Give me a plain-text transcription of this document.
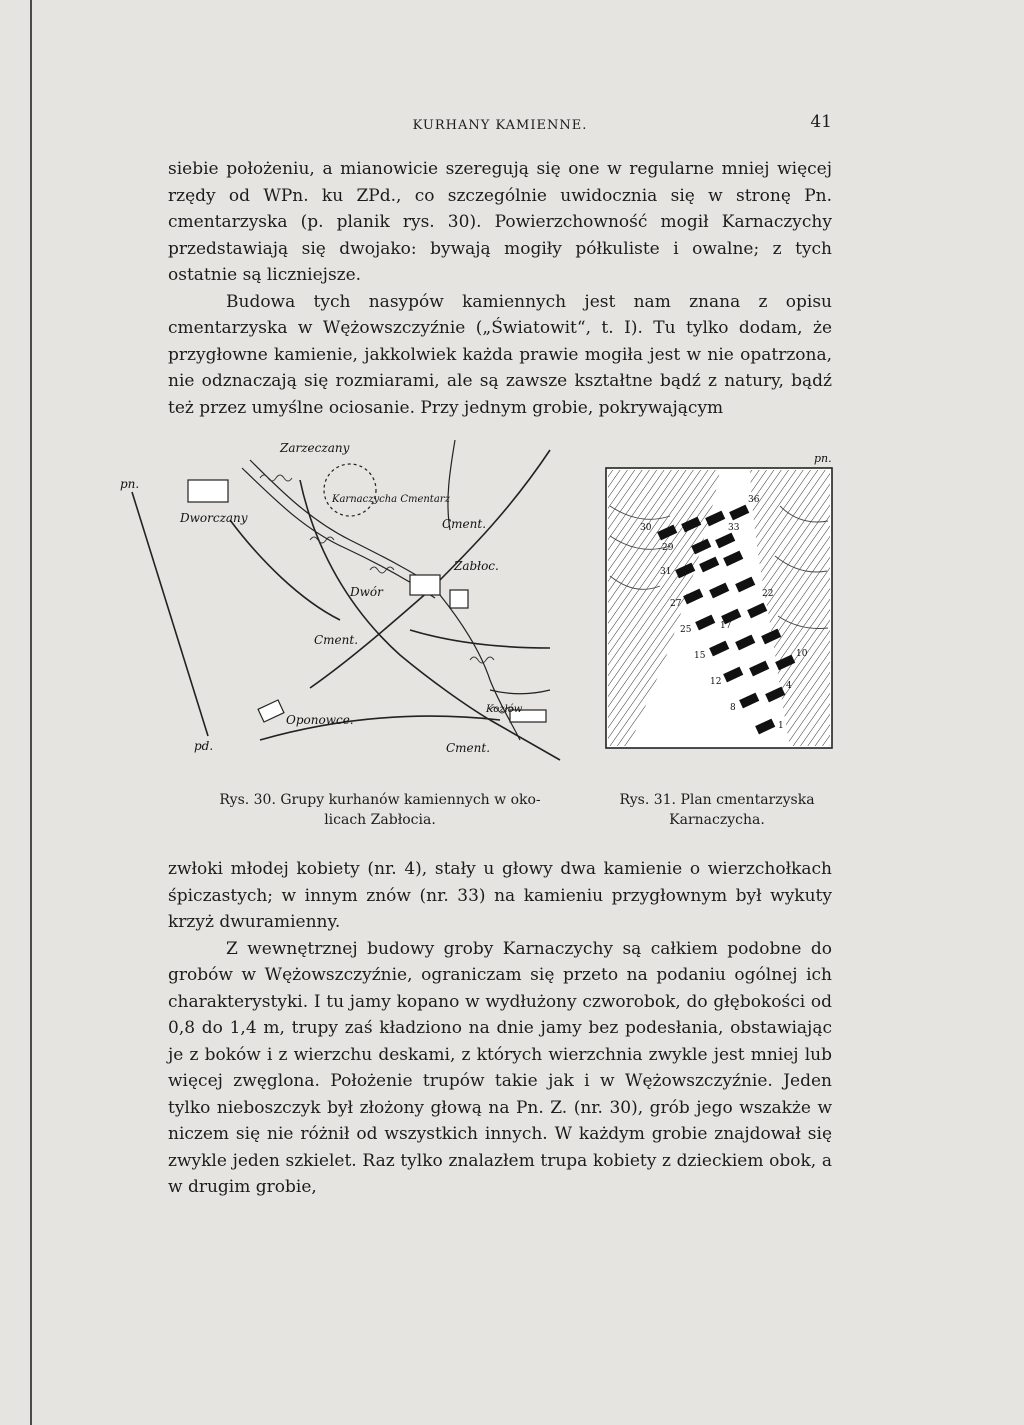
KURHANY KAMIENNE.	41

siebie położeniu, a mianowicie szeregują się one w regularne mniej więcej rzędy od WPn. ku ZPd., co szczególnie uwidocznia się w stronę Pn. cmentarzyska (p. planik rys. 30). Powierzchowność mogił Karnaczychy przedstawiają się dwojako: bywają mogiły półkuliste i owalne; z tych ostatnie są liczniejsze.

Budowa tych nasypów kamiennych jest nam znana z opisu cmentarzyska w Wężowszczyźnie („Światowit“, t. I). Tu tylko dodam, że przygłowne kamienie, jakkolwiek każda prawie mogiła jest w nie opatrzona, nie odznaczają się rozmiarami, ale są zawsze kształtne bądź z natury, bądź też przez umyślne ociosanie. Przy jednym grobie, pokrywającym

pn.
pd.
Zarzeczany
Dworczany
Karnaczycha Cmentarz
Cment.
Zabłoc.
Dwór
Cment.
Oponowce.
Kozłów
Cment.
pn.
30
29
36
33
31
27
25
22
17
15
12
10
8
4
1
Rys. 30. Grupy kurhanów kamiennych w oko-
licach Zabłocia.
Rys. 31. Plan cmentarzyska
Karnaczycha.

zwłoki młodej kobiety (nr. 4), stały u głowy dwa kamienie o wierzchołkach śpiczastych; w innym znów (nr. 33) na kamieniu przygłownym był wykuty krzyż dwuramienny.

Z wewnętrznej budowy groby Karnaczychy są całkiem podobne do grobów w Wężowszczyźnie, ograniczam się przeto na podaniu ogólnej ich charakterystyki. I tu jamy kopano w wydłużony czworobok, do głębokości od 0,8 do 1,4 m, trupy zaś kładziono na dnie jamy bez podesłania, obstawiając je z boków i z wierzchu deskami, z których wierzchnia zwykle jest mniej lub więcej zwęglona. Położenie trupów takie jak i w Wężowszczyźnie. Jeden tylko nieboszczyk był złożony głową na Pn. Z. (nr. 30), grób jego wszakże w niczem się nie różnił od wszystkich innych. W każdym grobie znajdował się zwykle jeden szkielet. Raz tylko znalazłem trupa kobiety z dzieckiem obok, a w drugim grobie,
